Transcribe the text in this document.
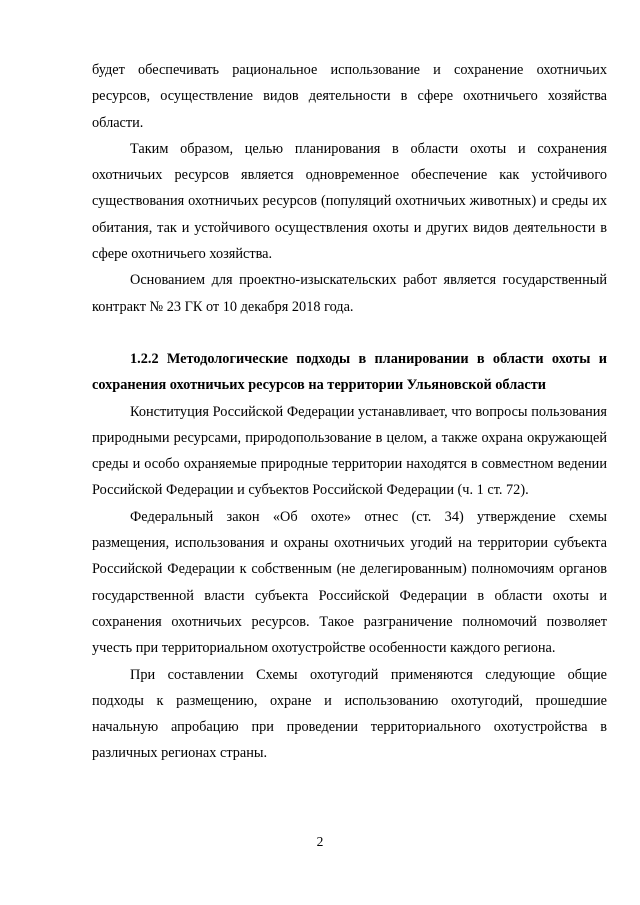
будет обеспечивать рациональное использование и сохранение охотничьих ресурсов, осуществление видов деятельности в сфере охотничьего хозяйства области.

Таким образом, целью планирования в области охоты и сохранения охотничьих ресурсов является одновременное обеспечение как устойчивого существования охотничьих ресурсов (популяций охотничьих животных) и среды их обитания, так и устойчивого осуществления охоты и других видов деятельности в сфере охотничьего хозяйства.

Основанием для проектно-изыскательских работ является государственный контракт № 23 ГК от 10 декабря 2018 года.

1.2.2 Методологические подходы в планировании в области охоты и сохранения охотничьих ресурсов на территории Ульяновской области

Конституция Российской Федерации устанавливает, что вопросы пользования природными ресурсами, природопользование в целом, а также охрана окружающей среды и особо охраняемые природные территории находятся в совместном ведении Российской Федерации и субъектов Российской Федерации (ч. 1 ст. 72).

Федеральный закон «Об охоте» отнес (ст. 34) утверждение схемы размещения, использования и охраны охотничьих угодий на территории субъекта Российской Федерации к собственным (не делегированным) полномочиям органов государственной власти субъекта Российской Федерации в области охоты и сохранения охотничьих ресурсов. Такое разграничение полномочий позволяет учесть при территориальном охотустройстве особенности каждого региона.

При составлении Схемы охотугодий применяются следующие общие подходы к размещению, охране и использованию охотугодий, прошедшие начальную апробацию при проведении территориального охотустройства в различных регионах страны.

2
